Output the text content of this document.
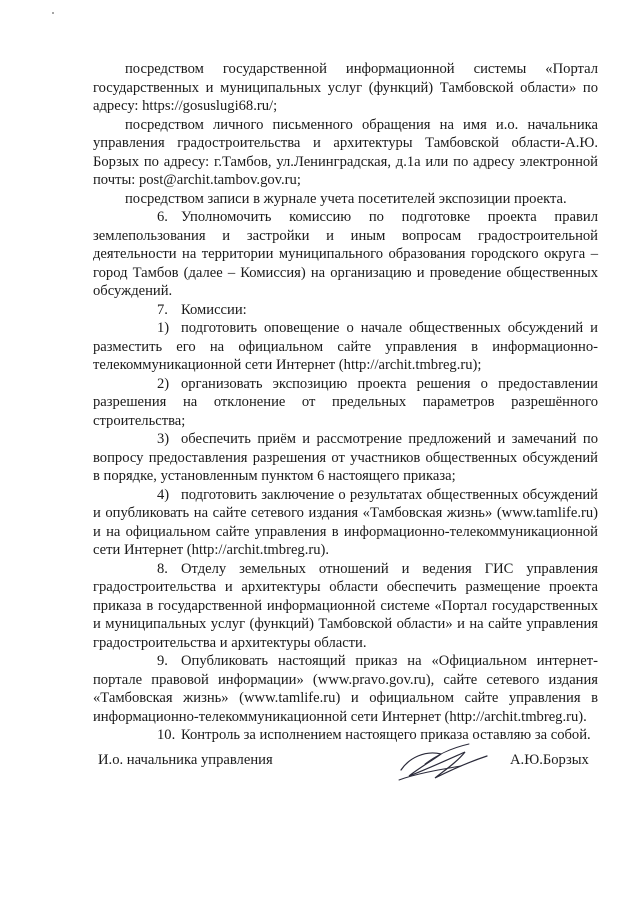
посредством государственной информационной системы «Портал государственных и муниципальных услуг (функций) Тамбовской области» по адресу: https://gosuslugi68.ru/;

посредством личного письменного обращения на имя и.о. начальника управления градостроительства и архитектуры Тамбовской области-А.Ю. Борзых по адресу: г.Тамбов, ул.Ленинградская, д.1а или по адресу электронной почты: post@archit.tambov.gov.ru;

посредством записи в журнале учета посетителей экспозиции проекта.

6. Уполномочить комиссию по подготовке проекта правил землепользования и застройки и иным вопросам градостроительной деятельности на территории муниципального образования городского округа – город Тамбов (далее – Комиссия) на организацию и проведение общественных обсуждений.

7. Комиссии:

1) подготовить оповещение о начале общественных обсуждений и разместить его на официальном сайте управления в информационно-телекоммуникационной сети Интернет (http://archit.tmbreg.ru);

2) организовать экспозицию проекта решения о предоставлении разрешения на отклонение от предельных параметров разрешённого строительства;

3) обеспечить приём и рассмотрение предложений и замечаний по вопросу предоставления разрешения от участников общественных обсуждений в порядке, установленным пунктом 6 настоящего приказа;

4) подготовить заключение о результатах общественных обсуждений и опубликовать на сайте сетевого издания «Тамбовская жизнь» (www.tamlife.ru) и на официальном сайте управления в информационно-телекоммуникационной сети Интернет (http://archit.tmbreg.ru).

8. Отделу земельных отношений и ведения ГИС управления градостроительства и архитектуры области обеспечить размещение проекта приказа в государственной информационной системе «Портал государственных и муниципальных услуг (функций) Тамбовской области» и на сайте управления градостроительства и архитектуры области.

9. Опубликовать настоящий приказ на «Официальном интернет-портале правовой информации» (www.pravo.gov.ru), сайте сетевого издания «Тамбовская жизнь» (www.tamlife.ru) и официальном сайте управления в информационно-телекоммуникационной сети Интернет (http://archit.tmbreg.ru).

10. Контроль за исполнением настоящего приказа оставляю за собой.

И.о. начальника управления	А.Ю.Борзых
